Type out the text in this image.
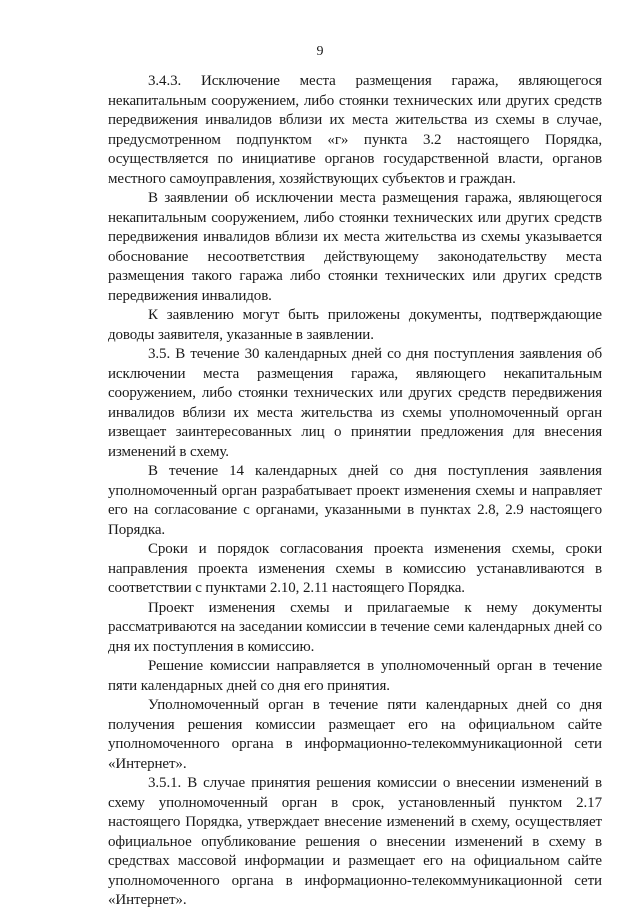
9

3.4.3. Исключение места размещения гаража, являющегося некапитальным сооружением, либо стоянки технических или других средств передвижения инвалидов вблизи их места жительства из схемы в случае, предусмотренном подпунктом «г» пункта 3.2 настоящего Порядка, осуществляется по инициативе органов государственной власти, органов местного самоуправления, хозяйствующих субъектов и граждан.

В заявлении об исключении места размещения гаража, являющегося некапитальным сооружением, либо стоянки технических или других средств передвижения инвалидов вблизи их места жительства из схемы указывается обоснование несоответствия действующему законодательству места размещения такого гаража либо стоянки технических или других средств передвижения инвалидов.

К заявлению могут быть приложены документы, подтверждающие доводы заявителя, указанные в заявлении.

3.5. В течение 30 календарных дней со дня поступления заявления об исключении места размещения гаража, являющего некапитальным сооружением, либо стоянки технических или других средств передвижения инвалидов вблизи их места жительства из схемы уполномоченный орган извещает заинтересованных лиц о принятии предложения для внесения изменений в схему.

В течение 14 календарных дней со дня поступления заявления уполномоченный орган разрабатывает проект изменения схемы и направляет его на согласование с органами, указанными в пунктах 2.8, 2.9 настоящего Порядка.

Сроки и порядок согласования проекта изменения схемы, сроки направления проекта изменения схемы в комиссию устанавливаются в соответствии с пунктами 2.10, 2.11 настоящего Порядка.

Проект изменения схемы и прилагаемые к нему документы рассматриваются на заседании комиссии в течение семи календарных дней со дня их поступления в комиссию.

Решение комиссии направляется в уполномоченный орган в течение пяти календарных дней со дня его принятия.

Уполномоченный орган в течение пяти календарных дней со дня получения решения комиссии размещает его на официальном сайте уполномоченного органа в информационно-телекоммуникационной сети «Интернет».

3.5.1. В случае принятия решения комиссии о внесении изменений в схему уполномоченный орган в срок, установленный пунктом 2.17 настоящего Порядка, утверждает внесение изменений в схему, осуществляет официальное опубликование решения о внесении изменений в схему в средствах массовой информации и размещает его на официальном сайте уполномоченного органа в информационно-телекоммуникационной сети «Интернет».
